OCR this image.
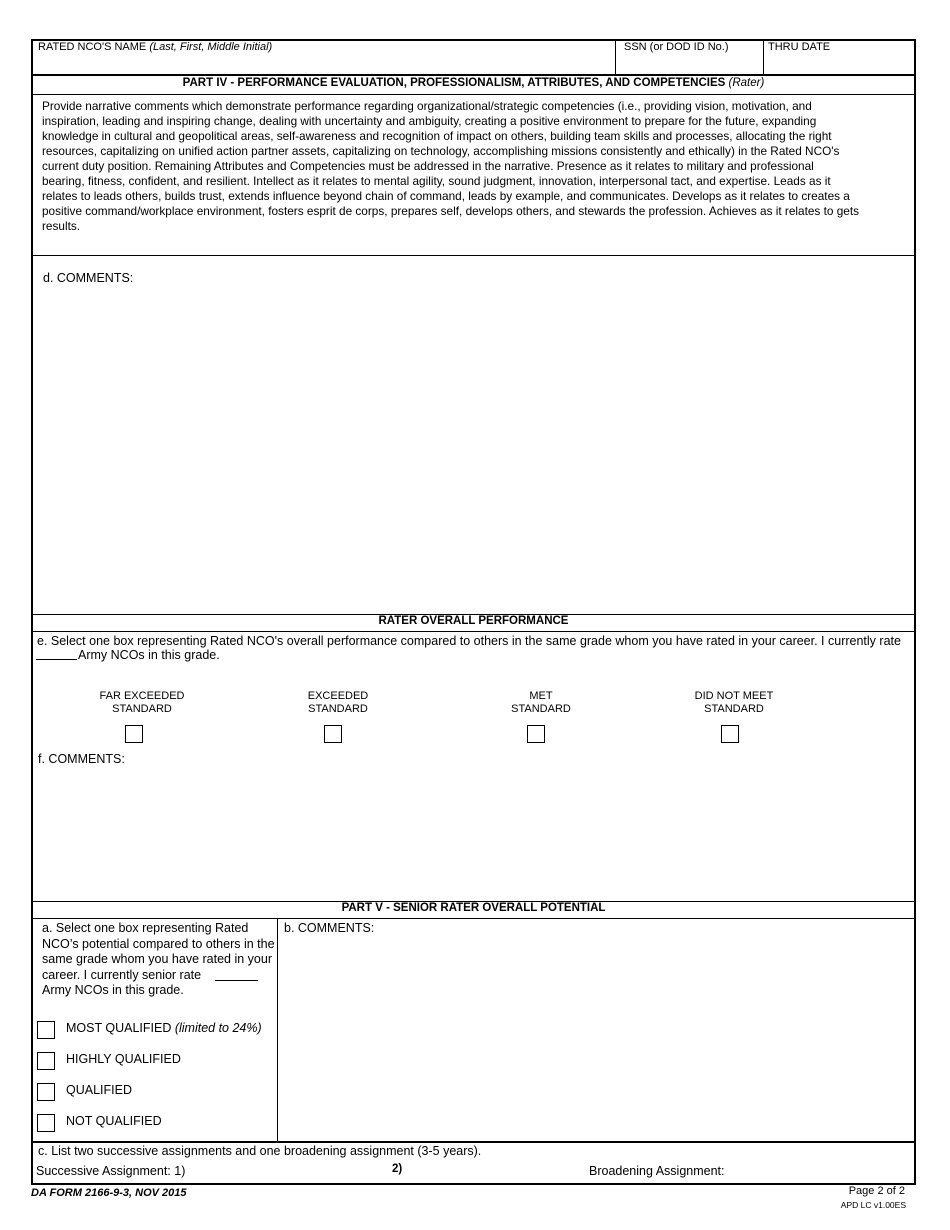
RATED NCO'S NAME (Last, First, Middle Initial)	SSN (or DOD ID No.)	THRU DATE
PART IV - PERFORMANCE EVALUATION, PROFESSIONALISM, ATTRIBUTES, AND COMPETENCIES (Rater)
Provide narrative comments which demonstrate performance regarding organizational/strategic competencies (i.e., providing vision, motivation, and
inspiration, leading and inspiring change, dealing with uncertainty and ambiguity, creating a positive environment to prepare for the future, expanding
knowledge in cultural and geopolitical areas, self-awareness and recognition of impact on others, building team skills and processes, allocating the right
resources, capitalizing on unified action partner assets, capitalizing on technology, accomplishing missions consistently and ethically) in the Rated NCO's
current duty position. Remaining Attributes and Competencies must be addressed in the narrative. Presence as it relates to military and professional
bearing, fitness, confident, and resilient. Intellect as it relates to mental agility, sound judgment, innovation, interpersonal tact, and expertise. Leads as it
relates to leads others, builds trust, extends influence beyond chain of command, leads by example, and communicates. Develops as it relates to creates a
positive command/workplace environment, fosters esprit de corps, prepares self, develops others, and stewards the profession. Achieves as it relates to gets
results.
d. COMMENTS:
RATER OVERALL PERFORMANCE
e. Select one box representing Rated NCO's overall performance compared to others in the same grade whom you have rated in your career. I currently rate
Army NCOs in this grade.
FAR EXCEEDED
STANDARD
EXCEEDED
STANDARD
MET
STANDARD
DID NOT MEET
STANDARD
f. COMMENTS:
PART V - SENIOR RATER OVERALL POTENTIAL
a. Select one box representing Rated
NCO’s potential compared to others in the
same grade whom you have rated in your
career. I currently senior rate
Army NCOs in this grade.
MOST QUALIFIED (limited to 24%)
HIGHLY QUALIFIED
QUALIFIED
NOT QUALIFIED
b. COMMENTS:
c. List two successive assignments and one broadening assignment (3-5 years).
Successive Assignment: 1)	2)	Broadening Assignment:
DA FORM 2166-9-3, NOV 2015	Page 2 of 2
APD LC v1.00ES
